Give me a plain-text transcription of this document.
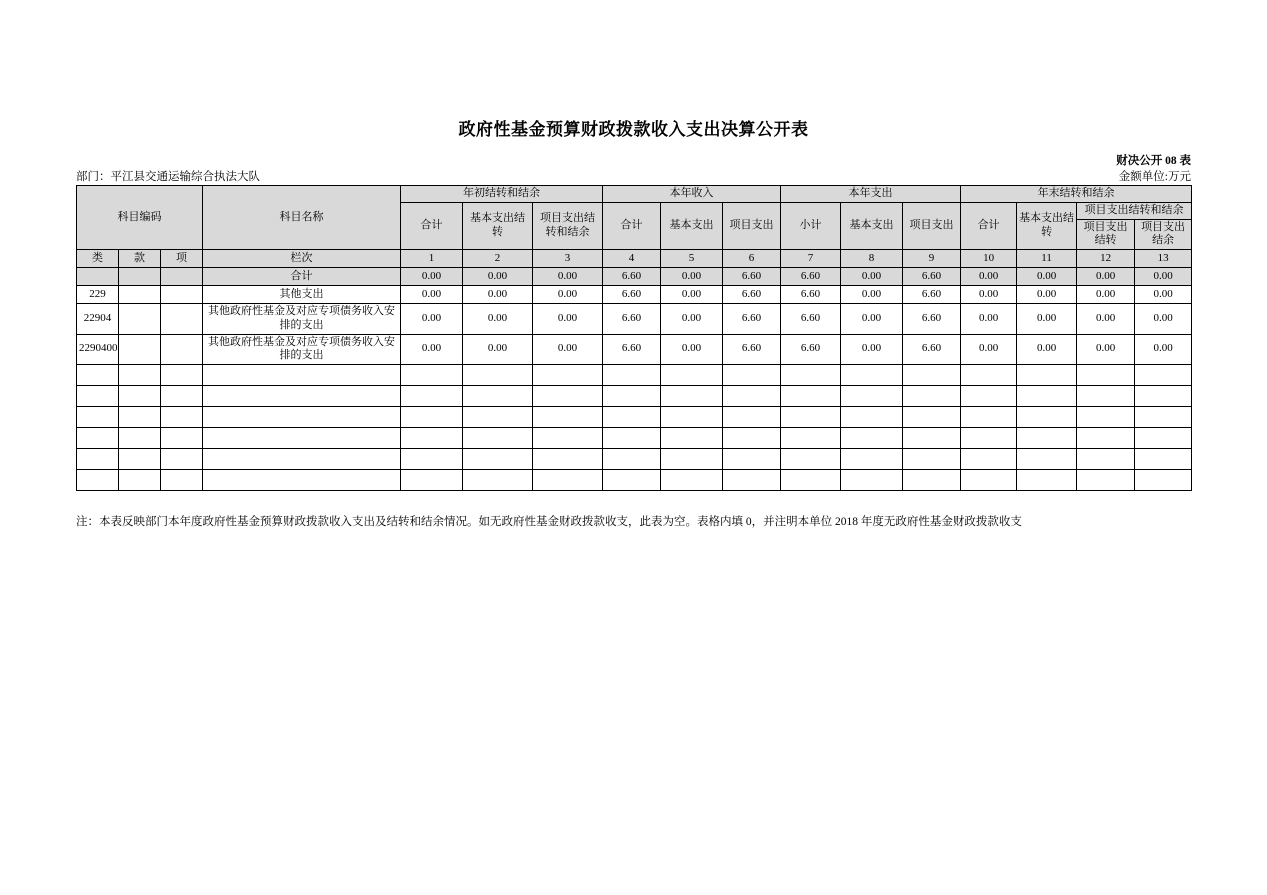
政府性基金预算财政拨款收入支出决算公开表
财决公开 08 表
部门：平江县交通运输综合执法大队	金额单位:万元
科目编码			科目名称	年初结转和结余			本年收入			本年支出			年末结转和结余			
				合计	基本支出结转	项目支出结转和结余	合计	基本支出	项目支出	小计	基本支出	项目支出	合计	基本支出结转	项目支出结转和结余	
															项目支出结转	项目支出结余
类	款	项	栏次	1	2	3	4	5	6	7	8	9	10	11	12	13
			合计	0.00	0.00	0.00	6.60	0.00	6.60	6.60	0.00	6.60	0.00	0.00	0.00	0.00
229			其他支出	0.00	0.00	0.00	6.60	0.00	6.60	6.60	0.00	6.60	0.00	0.00	0.00	0.00
22904			其他政府性基金及对应专项债务收入安排的支出	0.00	0.00	0.00	6.60	0.00	6.60	6.60	0.00	6.60	0.00	0.00	0.00	0.00
2290400			其他政府性基金及对应专项债务收入安排的支出	0.00	0.00	0.00	6.60	0.00	6.60	6.60	0.00	6.60	0.00	0.00	0.00	0.00

注：本表反映部门本年度政府性基金预算财政拨款收入支出及结转和结余情况。如无政府性基金财政拨款收支，此表为空。表格内填 0，并注明本单位 2018 年度无政府性基金财政拨款收支
